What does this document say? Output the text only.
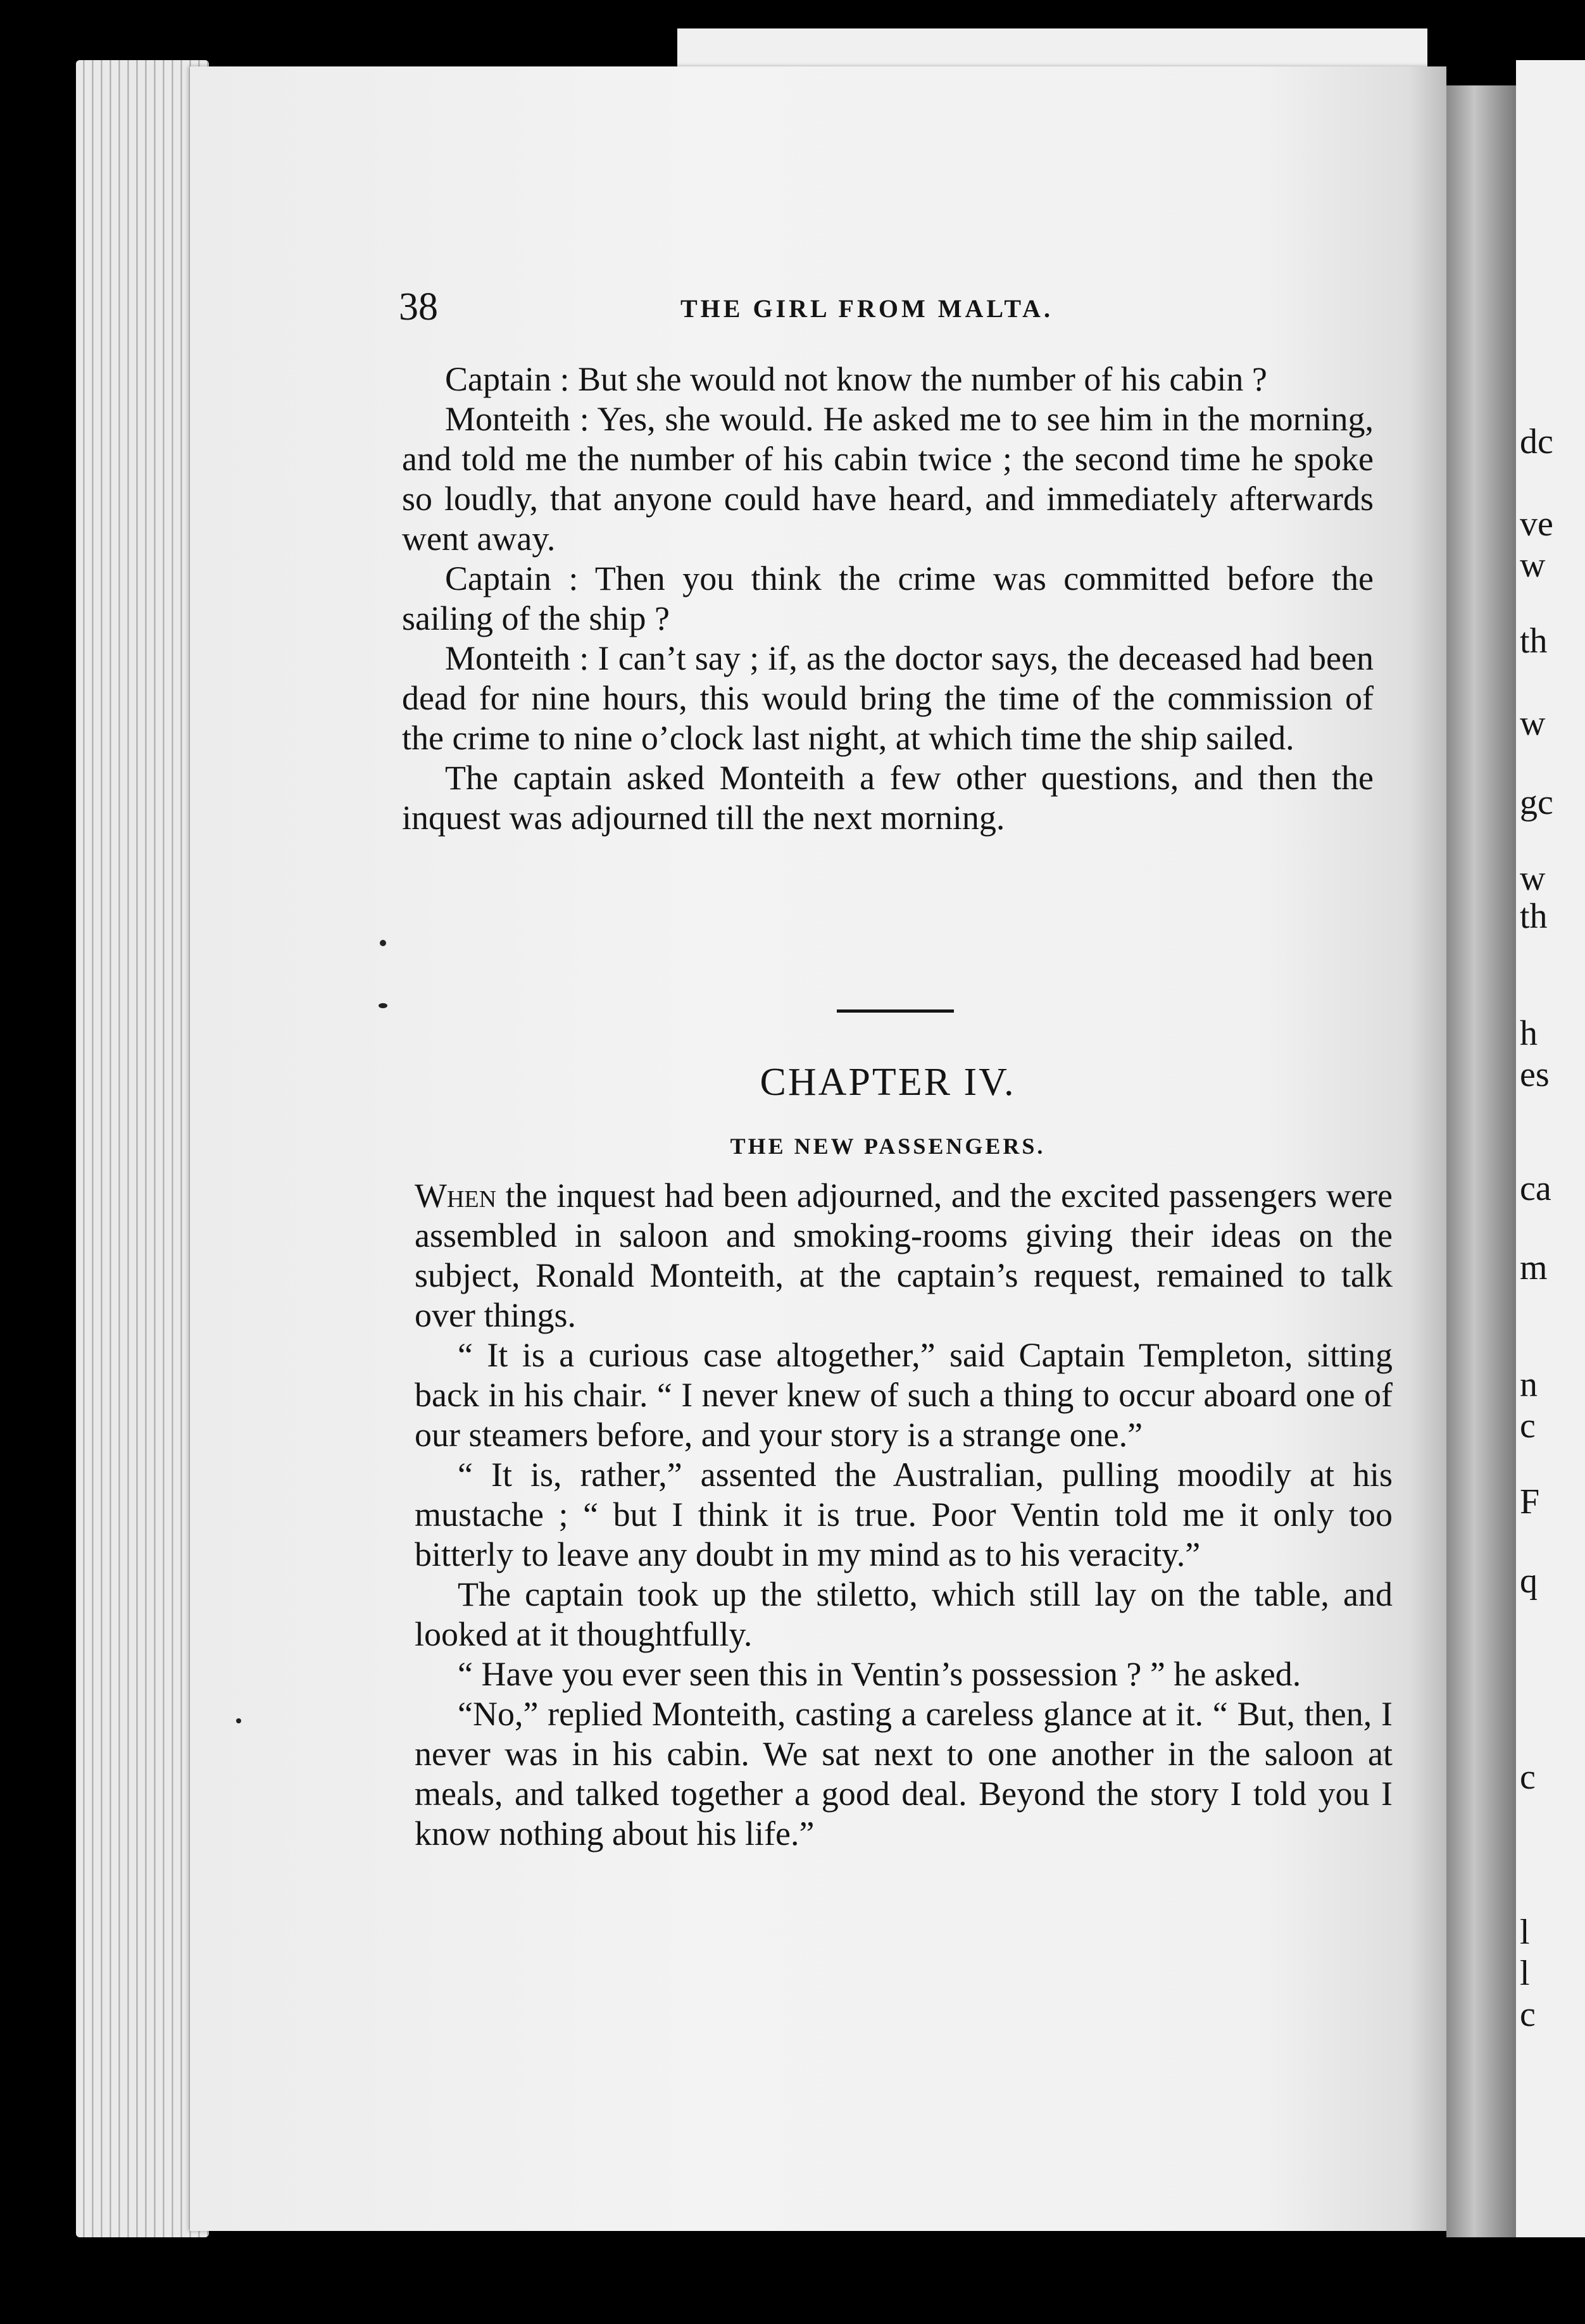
dc
ve
w
th
w
gc
w
th
h
es
ca
m
n
c
F
q
c
l
l
c
38	THE GIRL FROM MALTA.

Captain : But she would not know the number of his cabin ?

Monteith : Yes, she would. He asked me to see him in the morning, and told me the number of his cabin twice ; the second time he spoke so loudly, that anyone could have heard, and immediately afterwards went away.

Captain : Then you think the crime was committed before the sailing of the ship ?

Monteith : I can’t say ; if, as the doctor says, the deceased had been dead for nine hours, this would bring the time of the commission of the crime to nine o’clock last night, at which time the ship sailed.

The captain asked Monteith a few other questions, and then the inquest was adjourned till the next morning.

CHAPTER IV.
THE NEW PASSENGERS.

When the inquest had been adjourned, and the excited passengers were assembled in saloon and smoking-rooms giving their ideas on the subject, Ronald Monteith, at the captain’s request, remained to talk over things.

“ It is a curious case altogether,” said Captain Templeton, sitting back in his chair. “ I never knew of such a thing to occur aboard one of our steamers before, and your story is a strange one.”

“ It is, rather,” assented the Australian, pulling moodily at his mustache ; “ but I think it is true. Poor Ventin told me it only too bitterly to leave any doubt in my mind as to his veracity.”

The captain took up the stiletto, which still lay on the table, and looked at it thoughtfully.

“ Have you ever seen this in Ventin’s possession ? ” he asked.

“No,” replied Monteith, casting a careless glance at it. “ But, then, I never was in his cabin. We sat next to one another in the saloon at meals, and talked together a good deal. Beyond the story I told you I know nothing about his life.”
